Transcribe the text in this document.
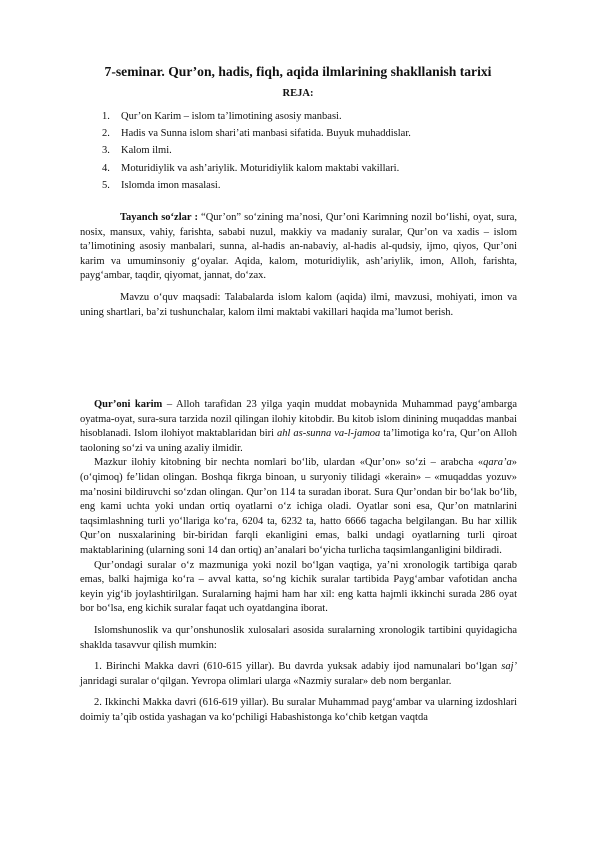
7-seminar. Qur’on, hadis, fiqh, aqida ilmlarining shakllanish tarixi
REJA:
1.	Qur’on Karim – islom ta’limotining asosiy manbasi.
2.	Hadis va Sunna islom shari’ati manbasi sifatida. Buyuk muhaddislar.
3.	Kalom ilmi.
4.	Moturidiylik va ash’ariylik. Moturidiylik kalom maktabi vakillari.
5.	Islomda imon masalasi.

Tayanch so‘zlar : “Qur’on” so‘zining ma’nosi, Qur’oni Karimning nozil bo‘lishi, oyat, sura, nosix, mansux, vahiy, farishta, sababi nuzul, makkiy va madaniy suralar, Qur’on va xadis – islom ta’limotining asosiy manbalari, sunna, al-hadis an-nabaviy, al-hadis al-qudsiy, ijmo, qiyos, Qur’oni karim va umuminsoniy g‘oyalar. Aqida, kalom, moturidiylik, ash’ariylik, imon, Alloh, farishta, payg‘ambar, taqdir, qiyomat, jannat, do‘zax.

Mavzu o‘quv maqsadi: Talabalarda islom kalom (aqida) ilmi, mavzusi, mohiyati, imon va uning shartlari, ba’zi tushunchalar, kalom ilmi maktabi vakillari haqida ma’lumot berish.

Qur’oni karim – Alloh tarafidan 23 yilga yaqin muddat mobaynida Muhammad payg‘ambarga oyatma-oyat, sura-sura tarzida nozil qilingan ilohiy kitobdir. Bu kitob islom dinining muqaddas manbai hisoblanadi. Islom ilohiyot maktablaridan biri ahl as-sunna va-l-jamoa ta’limotiga ko‘ra, Qur’on Alloh taoloning so‘zi va uning azaliy ilmidir.

Mazkur ilohiy kitobning bir nechta nomlari bo‘lib, ulardan «Qur’on» so‘zi – arabcha «qara’a» (o‘qimoq) fe’lidan olingan. Boshqa fikrga binoan, u suryoniy tilidagi «kerain» – «muqaddas yozuv» ma’nosini bildiruvchi so‘zdan olingan. Qur’on 114 ta suradan iborat. Sura Qur’ondan bir bo‘lak bo‘lib, eng kami uchta yoki undan ortiq oyatlarni o‘z ichiga oladi. Oyatlar soni esa, Qur’on matnlarini taqsimlashning turli yo‘llariga ko‘ra, 6204 ta, 6232 ta, hatto 6666 tagacha belgilangan. Bu har xillik Qur’on nusxalarining bir-biridan farqli ekanligini emas, balki undagi oyatlarning turli qiroat maktablarining (ularning soni 14 dan ortiq) an’analari bo‘yicha turlicha taqsimlanganligini bildiradi.

Qur’ondagi suralar o‘z mazmuniga yoki nozil bo‘lgan vaqtiga, ya’ni xronologik tartibiga qarab emas, balki hajmiga ko‘ra – avval katta, so‘ng kichik suralar tartibida Payg‘ambar vafotidan ancha keyin yig‘ib joylashtirilgan. Suralarning hajmi ham har xil: eng katta hajmli ikkinchi surada 286 oyat bor bo‘lsa, eng kichik suralar faqat uch oyatdangina iborat.

Islomshunoslik va qur’onshunoslik xulosalari asosida suralarning xronologik tartibini quyidagicha shaklda tasavvur qilish mumkin:

1. Birinchi Makka davri (610-615 yillar). Bu davrda yuksak adabiy ijod namunalari bo‘lgan saj’ janridagi suralar o‘qilgan. Yevropa olimlari ularga «Nazmiy suralar» deb nom berganlar.

2. Ikkinchi Makka davri (616-619 yillar). Bu suralar Muhammad payg‘ambar va ularning izdoshlari doimiy ta’qib ostida yashagan va ko‘pchiligi Habashistonga ko‘chib ketgan vaqtda
